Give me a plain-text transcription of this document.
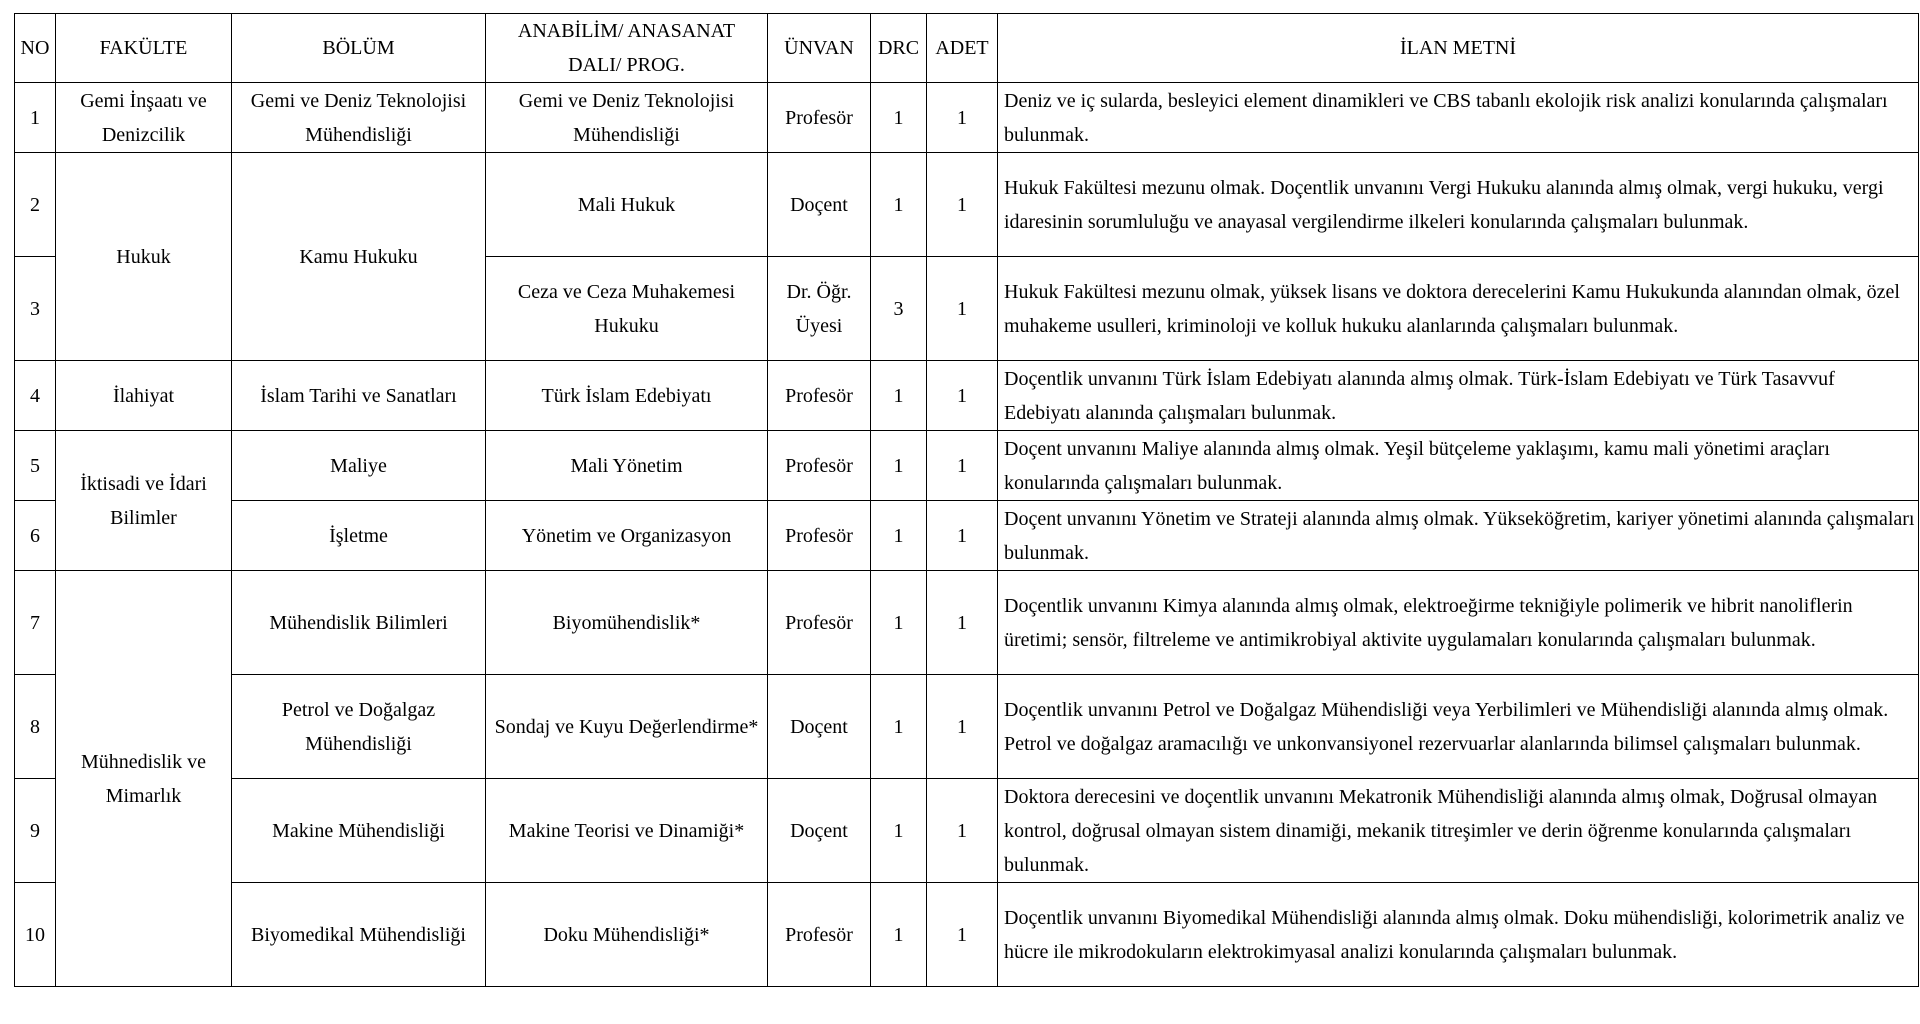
NO	FAKÜLTE	BÖLÜM	ANABİLİM/ ANASANAT DALI/ PROG.	ÜNVAN	DRC	ADET	İLAN METNİ
1	Gemi İnşaatı ve Denizcilik	Gemi ve Deniz Teknolojisi Mühendisliği	Gemi ve Deniz Teknolojisi Mühendisliği	Profesör	1	1	Deniz ve iç sularda, besleyici element dinamikleri ve CBS tabanlı ekolojik risk analizi konularında çalışmaları bulunmak.
2	Hukuk	Kamu Hukuku	Mali Hukuk	Doçent	1	1	Hukuk Fakültesi mezunu olmak. Doçentlik unvanını Vergi Hukuku alanında almış olmak, vergi hukuku, vergi idaresinin sorumluluğu ve anayasal vergilendirme ilkeleri konularında çalışmaları bulunmak.
3			Ceza ve Ceza Muhakemesi Hukuku	Dr. Öğr. Üyesi	3	1	Hukuk Fakültesi mezunu olmak, yüksek lisans ve doktora derecelerini Kamu Hukukunda alanından olmak, özel muhakeme usulleri, kriminoloji ve kolluk hukuku alanlarında çalışmaları bulunmak.
4	İlahiyat	İslam Tarihi ve Sanatları	Türk İslam Edebiyatı	Profesör	1	1	Doçentlik unvanını Türk İslam Edebiyatı alanında almış olmak. Türk-İslam Edebiyatı ve Türk Tasavvuf Edebiyatı alanında çalışmaları bulunmak.
5	İktisadi ve İdari Bilimler	Maliye	Mali Yönetim	Profesör	1	1	Doçent unvanını Maliye alanında almış olmak. Yeşil bütçeleme yaklaşımı, kamu mali yönetimi araçları konularında çalışmaları bulunmak.
6		İşletme	Yönetim ve Organizasyon	Profesör	1	1	Doçent unvanını Yönetim ve Strateji alanında almış olmak. Yükseköğretim, kariyer yönetimi alanında çalışmaları bulunmak.
7	Mühnedislik ve Mimarlık	Mühendislik Bilimleri	Biyomühendislik*	Profesör	1	1	Doçentlik unvanını Kimya alanında almış olmak, elektroeğirme tekniğiyle polimerik ve hibrit nanoliflerin üretimi; sensör, filtreleme ve antimikrobiyal aktivite uygulamaları konularında çalışmaları bulunmak.
8		Petrol ve Doğalgaz Mühendisliği	Sondaj ve Kuyu Değerlendirme*	Doçent	1	1	Doçentlik unvanını Petrol ve Doğalgaz Mühendisliği veya Yerbilimleri ve Mühendisliği alanında almış olmak. Petrol ve doğalgaz aramacılığı ve unkonvansiyonel rezervuarlar alanlarında bilimsel çalışmaları bulunmak.
9		Makine Mühendisliği	Makine Teorisi ve Dinamiği*	Doçent	1	1	Doktora derecesini ve doçentlik unvanını Mekatronik Mühendisliği alanında almış olmak, Doğrusal olmayan kontrol, doğrusal olmayan sistem dinamiği, mekanik titreşimler ve derin öğrenme konularında çalışmaları bulunmak.
10		Biyomedikal Mühendisliği	Doku Mühendisliği*	Profesör	1	1	Doçentlik unvanını Biyomedikal Mühendisliği alanında almış olmak. Doku mühendisliği, kolorimetrik analiz ve hücre ile mikrodokuların elektrokimyasal analizi konularında çalışmaları bulunmak.
